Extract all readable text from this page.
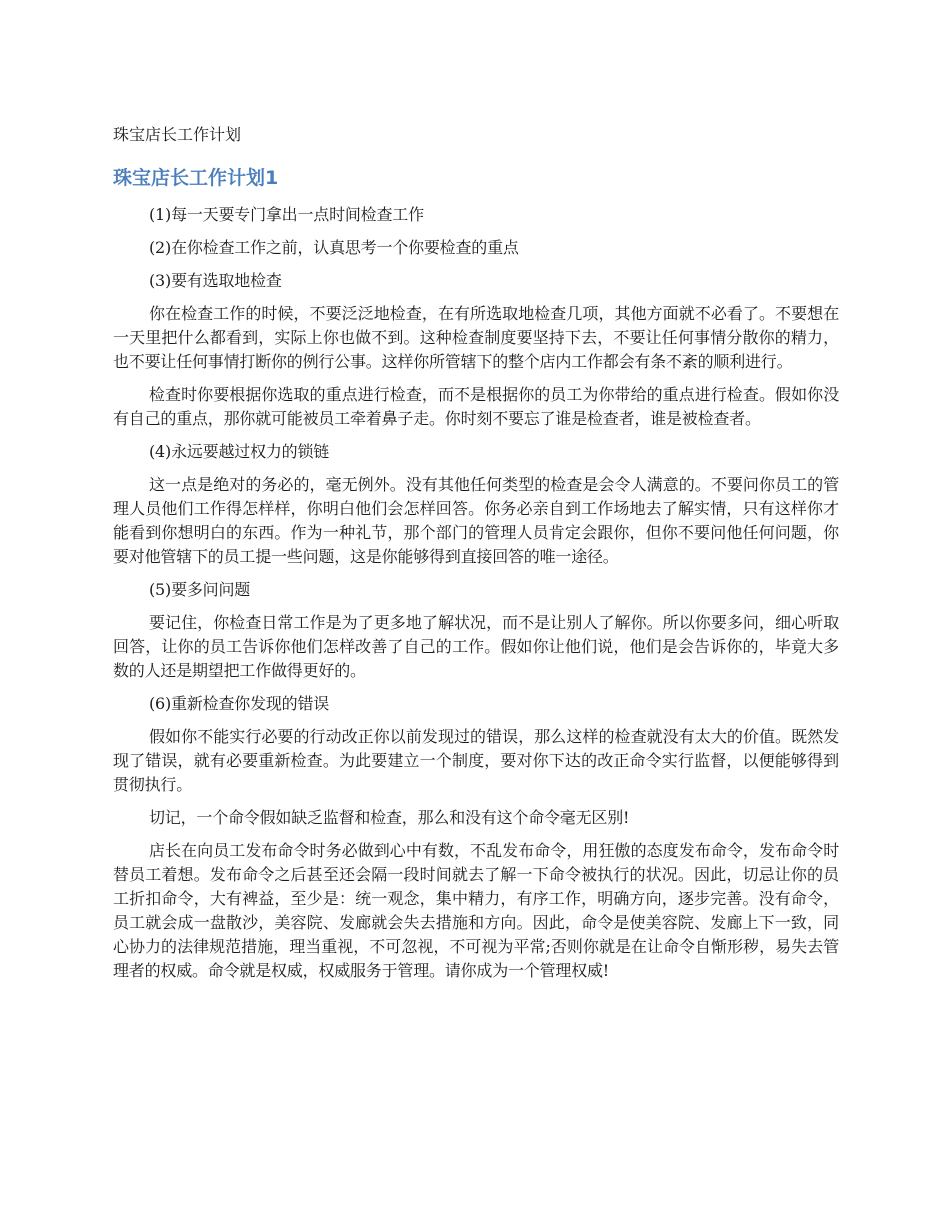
珠宝店长工作计划
珠宝店长工作计划1

(1)每一天要专门拿出一点时间检查工作

(2)在你检查工作之前，认真思考一个你要检查的重点

(3)要有选取地检查

你在检查工作的时候，不要泛泛地检查，在有所选取地检查几项，其他方面就不必看了。不要想在一天里把什么都看到，实际上你也做不到。这种检查制度要坚持下去，不要让任何事情分散你的精力，也不要让任何事情打断你的例行公事。这样你所管辖下的整个店内工作都会有条不紊的顺利进行。

检查时你要根据你选取的重点进行检查，而不是根据你的员工为你带给的重点进行检查。假如你没有自己的重点，那你就可能被员工牵着鼻子走。你时刻不要忘了谁是检查者，谁是被检查者。

(4)永远要越过权力的锁链

这一点是绝对的务必的，毫无例外。没有其他任何类型的检查是会令人满意的。不要问你员工的管理人员他们工作得怎样样，你明白他们会怎样回答。你务必亲自到工作场地去了解实情，只有这样你才能看到你想明白的东西。作为一种礼节，那个部门的管理人员肯定会跟你，但你不要问他任何问题，你要对他管辖下的员工提一些问题，这是你能够得到直接回答的唯一途径。

(5)要多问问题

要记住，你检查日常工作是为了更多地了解状况，而不是让别人了解你。所以你要多问，细心听取回答，让你的员工告诉你他们怎样改善了自己的工作。假如你让他们说，他们是会告诉你的，毕竟大多数的人还是期望把工作做得更好的。

(6)重新检查你发现的错误

假如你不能实行必要的行动改正你以前发现过的错误，那么这样的检查就没有太大的价值。既然发现了错误，就有必要重新检查。为此要建立一个制度，要对你下达的改正命令实行监督，以便能够得到贯彻执行。

切记，一个命令假如缺乏监督和检查，那么和没有这个命令毫无区别!

店长在向员工发布命令时务必做到心中有数，不乱发布命令，用狂傲的态度发布命令，发布命令时替员工着想。发布命令之后甚至还会隔一段时间就去了解一下命令被执行的状况。因此，切忌让你的员工折扣命令，大有裨益，至少是：统一观念，集中精力，有序工作，明确方向，逐步完善。没有命令，员工就会成一盘散沙，美容院、发廊就会失去措施和方向。因此，命令是使美容院、发廊上下一致，同心协力的法律规范措施，理当重视，不可忽视，不可视为平常;否则你就是在让命令自惭形秽，易失去管理者的权威。命令就是权威，权威服务于管理。请你成为一个管理权威!
